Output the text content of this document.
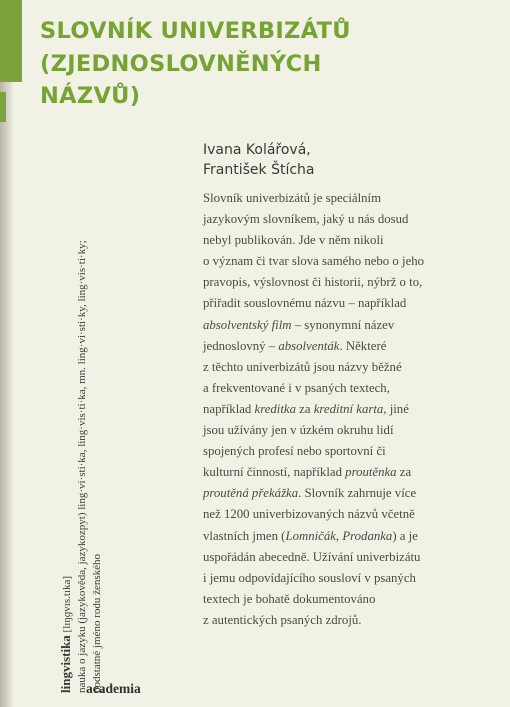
SLOVNÍK UNIVERBIZÁTŮ
(ZJEDNOSLOVNĚNÝCH
NÁZVŮ)
Ivana Kolářová,
František Štícha
Slovník univerbizátů je speciálním
jazykovým slovníkem, jaký u nás dosud
nebyl publikován. Jde v něm nikoli
o význam či tvar slova samého nebo o jeho
pravopis, výslovnost či historii, nýbrž o to,
přiřadit souslovnému názvu – například
absolventský film – synonymní název
jednoslovný – absolventák. Některé
z těchto univerbizátů jsou názvy běžné
a frekventované i v psaných textech,
například kreditka za kreditní karta, jiné
jsou užívány jen v úzkém okruhu lidí
spojených profesí nebo sportovní či
kulturní činností, například proutěnka za
proutěná překážka. Slovník zahrnuje více
než 1200 univerbizovaných názvů včetně
vlastních jmen (Lomničák, Prodanka) a je
uspořádán abecedně. Užívání univerbizátu
i jemu odpovídajícího sousloví v psaných
textech je bohatě dokumentováno
z autentických psaných zdrojů.
lingvistika [lɪŋɡvɪs.tɪka] nauka o jazyku (jazykověda, jazykozpyt) ling·vi·sti·ka, ling·vis·ti·ka, mn. ling·vi·sti·ky, ling·vis·ti·ky; podstatné jméno rodu ženského
academia
